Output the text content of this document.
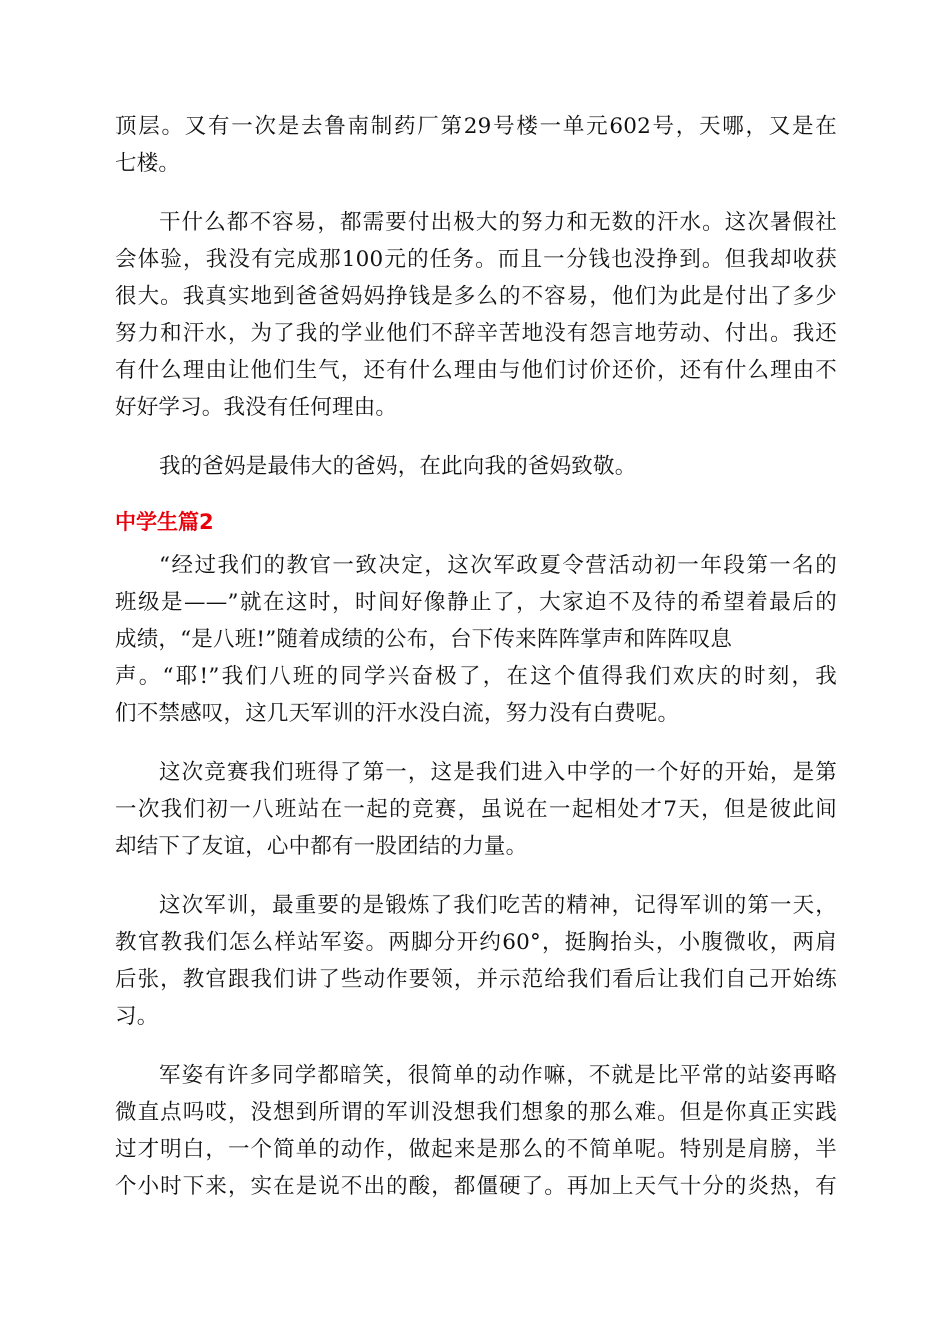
顶层。又有一次是去鲁南制药厂第29号楼一单元602号，天哪，又是在
七楼。
干什么都不容易，都需要付出极大的努力和无数的汗水。这次暑假社
会体验，我没有完成那100元的任务。而且一分钱也没挣到。但我却收获
很大。我真实地到爸爸妈妈挣钱是多么的不容易，他们为此是付出了多少
努力和汗水，为了我的学业他们不辞辛苦地没有怨言地劳动、付出。我还
有什么理由让他们生气，还有什么理由与他们讨价还价，还有什么理由不
好好学习。我没有任何理由。
我的爸妈是最伟大的爸妈，在此向我的爸妈致敬。
中学生篇2
“经过我们的教官一致决定，这次军政夏令营活动初一年段第一名的
班级是——”就在这时，时间好像静止了，大家迫不及待的希望着最后的
成绩，“是八班!”随着成绩的公布，台下传来阵阵掌声和阵阵叹息
声。“耶!”我们八班的同学兴奋极了，在这个值得我们欢庆的时刻，我
们不禁感叹，这几天军训的汗水没白流，努力没有白费呢。
这次竞赛我们班得了第一，这是我们进入中学的一个好的开始，是第
一次我们初一八班站在一起的竞赛，虽说在一起相处才7天，但是彼此间
却结下了友谊，心中都有一股团结的力量。
这次军训，最重要的是锻炼了我们吃苦的精神，记得军训的第一天，
教官教我们怎么样站军姿。两脚分开约60°，挺胸抬头，小腹微收，两肩
后张，教官跟我们讲了些动作要领，并示范给我们看后让我们自己开始练
习。
军姿有许多同学都暗笑，很简单的动作嘛，不就是比平常的站姿再略
微直点吗哎，没想到所谓的军训没想我们想象的那么难。但是你真正实践
过才明白，一个简单的动作，做起来是那么的不简单呢。特别是肩膀，半
个小时下来，实在是说不出的酸，都僵硬了。再加上天气十分的炎热，有
